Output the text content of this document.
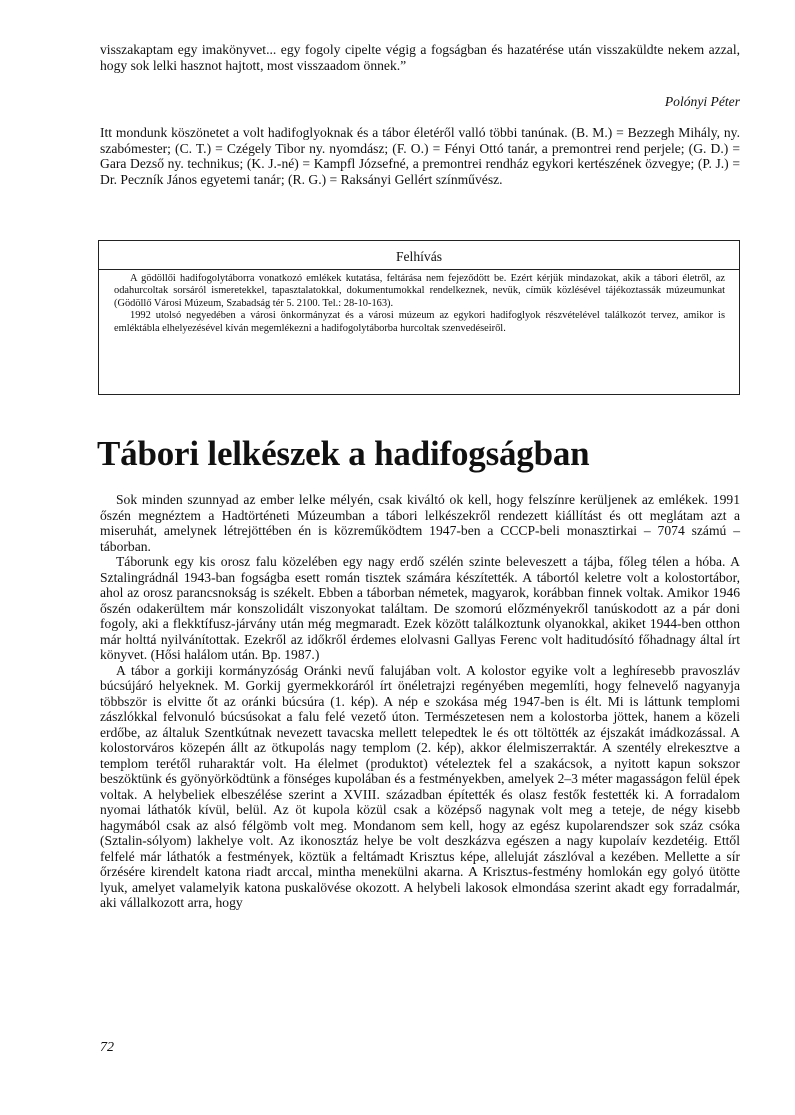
visszakaptam egy imakönyvet... egy fogoly cipelte végig a fogságban és hazatérése után visszaküldte nekem azzal, hogy sok lelki hasznot hajtott, most visszaadom önnek.”

Polónyi Péter

Itt mondunk köszönetet a volt hadifoglyoknak és a tábor életéről valló többi tanúnak. (B. M.) = Bezzegh Mihály, ny. szabómester; (C. T.) = Czégely Tibor ny. nyomdász; (F. O.) = Fényi Ottó tanár, a premontrei rend perjele; (G. D.) = Gara Dezső ny. technikus; (K. J.-né) = Kampfl Józsefné, a premontrei rendház egykori kertészének özvegye; (P. J.) = Dr. Peczník János egyetemi tanár; (R. G.) = Raksányi Gellért színművész.

Felhívás

A gödöllői hadifogolytáborra vonatkozó emlékek kutatása, feltárása nem fejeződött be. Ezért kérjük mindazokat, akik a tábori életről, az odahurcoltak sorsáról ismeretekkel, tapasztalatokkal, dokumentumokkal rendelkeznek, nevük, címük közlésével tájékoztassák múzeumunkat (Gödöllő Városi Múzeum, Szabadság tér 5. 2100. Tel.: 28-10-163).

1992 utolsó negyedében a városi önkormányzat és a városi múzeum az egykori hadifoglyok részvételével találkozót tervez, amikor is emléktábla elhelyezésével kíván megemlékezni a hadifogolytáborba hurcoltak szenvedéseiről.

Tábori lelkészek a hadifogságban

Sok minden szunnyad az ember lelke mélyén, csak kiváltó ok kell, hogy felszínre kerüljenek az emlékek. 1991 őszén megnéztem a Hadtörténeti Múzeumban a tábori lelkészekről rendezett kiállítást és ott meglátam azt a miseruhát, amelynek létrejöttében én is közreműködtem 1947-ben a CCCP-beli monasztirkai – 7074 számú – táborban.

Táborunk egy kis orosz falu közelében egy nagy erdő szélén szinte beleveszett a tájba, főleg télen a hóba. A Sztalingrádnál 1943-ban fogságba esett román tisztek számára készítették. A tábortól keletre volt a kolostortábor, ahol az orosz parancsnokság is székelt. Ebben a táborban németek, magyarok, korábban finnek voltak. Amikor 1946 őszén odakerültem már konszolidált viszonyokat találtam. De szomorú előzményekről tanúskodott az a pár doni fogoly, aki a flekktífusz-járvány után még megmaradt. Ezek között találkoztunk olyanokkal, akiket 1944-ben otthon már holttá nyilvánítottak. Ezekről az időkről érdemes elolvasni Gallyas Ferenc volt haditudósító főhadnagy által írt könyvet. (Hősi halálom után. Bp. 1987.)

A tábor a gorkiji kormányzóság Oránki nevű falujában volt. A kolostor egyike volt a leghíresebb pravoszláv búcsújáró helyeknek. M. Gorkij gyermekkoráról írt önéletrajzi regényében megemlíti, hogy felnevelő nagyanyja többször is elvitte őt az oránki búcsúra (1. kép). A nép e szokása még 1947-ben is élt. Mi is láttunk templomi zászlókkal felvonuló búcsúsokat a falu felé vezető úton. Természetesen nem a kolostorba jöttek, hanem a közeli erdőbe, az általuk Szentkútnak nevezett tavacska mellett telepedtek le és ott töltötték az éjszakát imádkozással. A kolostorváros közepén állt az ötkupolás nagy templom (2. kép), akkor élelmiszerraktár. A szentély elrekesztve a templom terétől ruharaktár volt. Ha élelmet (produktot) vételeztek fel a szakácsok, a nyitott kapun sokszor beszöktünk és gyönyörködtünk a fönséges kupolában és a festményekben, amelyek 2–3 méter magasságon felül épek voltak. A helybeliek elbeszélése szerint a XVIII. században építették és olasz festők festették ki. A forradalom nyomai láthatók kívül, belül. Az öt kupola közül csak a középső nagynak volt meg a teteje, de négy kisebb hagymából csak az alsó félgömb volt meg. Mondanom sem kell, hogy az egész kupolarendszer sok száz csóka (Sztalin-sólyom) lakhelye volt. Az ikonosztáz helye be volt deszkázva egészen a nagy kupolaív kezdetéig. Ettől felfelé már láthatók a festmények, köztük a feltámadt Krisztus képe, alleluját zászlóval a kezében. Mellette a sír őrzésére kirendelt katona riadt arccal, mintha menekülni akarna. A Krisztus-festmény homlokán egy golyó ütötte lyuk, amelyet valamelyik katona puskalövése okozott. A helybeli lakosok elmondása szerint akadt egy forradalmár, aki vállalkozott arra, hogy

72
